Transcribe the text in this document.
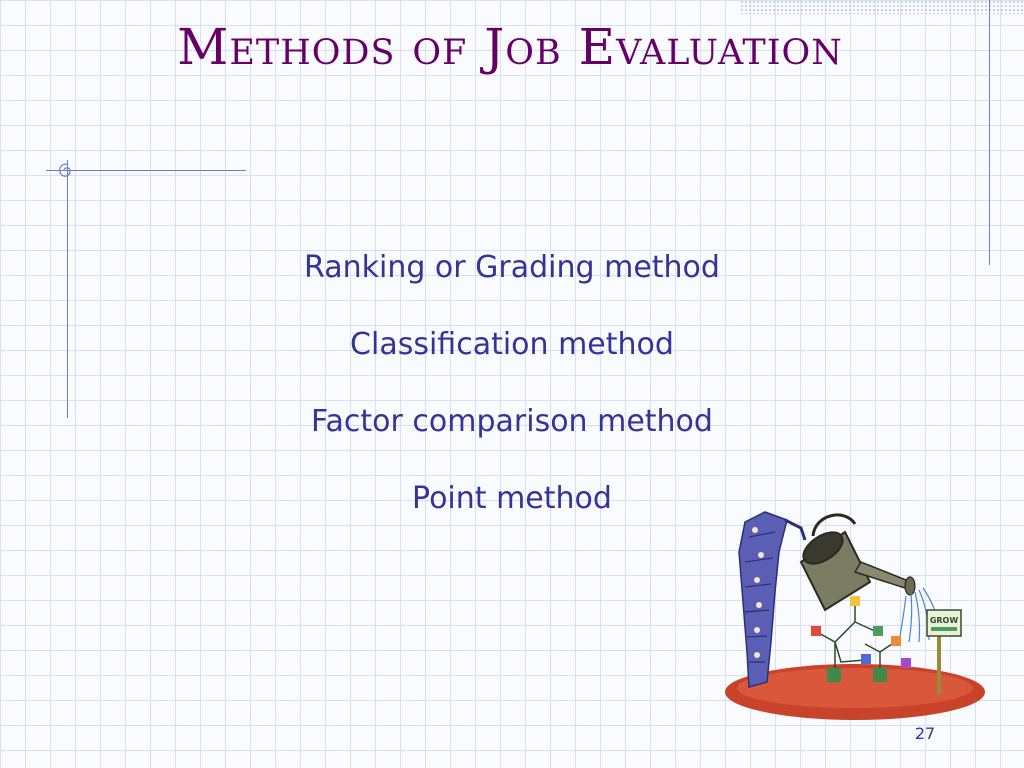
Methods of Job Evaluation
Ranking or Grading method
Classification method
Factor comparison method
Point method
GROW
27
